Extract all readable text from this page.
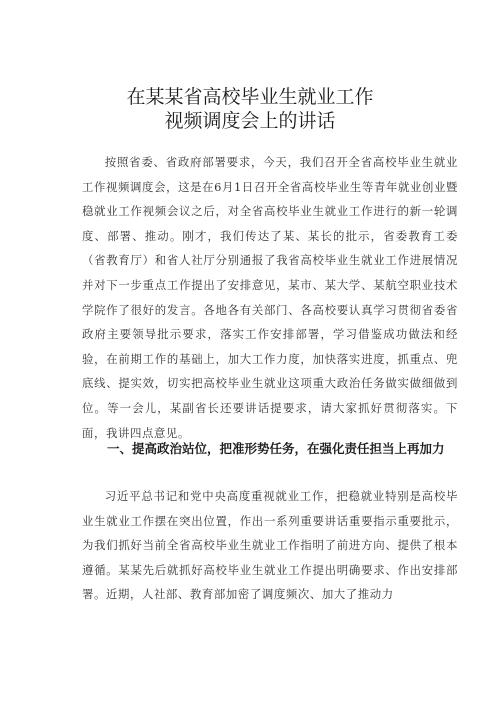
在某某省高校毕业生就业工作
视频调度会上的讲话

按照省委、省政府部署要求，今天，我们召开全省高校毕业生就业工作视频调度会，这是在6月1日召开全省高校毕业生等青年就业创业暨稳就业工作视频会议之后，对全省高校毕业生就业工作进行的新一轮调度、部署、推动。刚才，我们传达了某、某长的批示，省委教育工委（省教育厅）和省人社厅分别通报了我省高校毕业生就业工作进展情况并对下一步重点工作提出了安排意见，某市、某大学、某航空职业技术学院作了很好的发言。各地各有关部门、各高校要认真学习贯彻省委省政府主要领导批示要求，落实工作安排部署，学习借鉴成功做法和经验，在前期工作的基础上，加大工作力度，加快落实进度，抓重点、兜底线、提实效，切实把高校毕业生就业这项重大政治任务做实做细做到位。等一会儿，某副省长还要讲话提要求，请大家抓好贯彻落实。下面，我讲四点意见。

一、提高政治站位，把准形势任务，在强化责任担当上再加力

习近平总书记和党中央高度重视就业工作，把稳就业特别是高校毕业生就业工作摆在突出位置，作出一系列重要讲话重要指示重要批示，为我们抓好当前全省高校毕业生就业工作指明了前进方向、提供了根本遵循。某某先后就抓好高校毕业生就业工作提出明确要求、作出安排部署。近期，人社部、教育部加密了调度频次、加大了推动力
